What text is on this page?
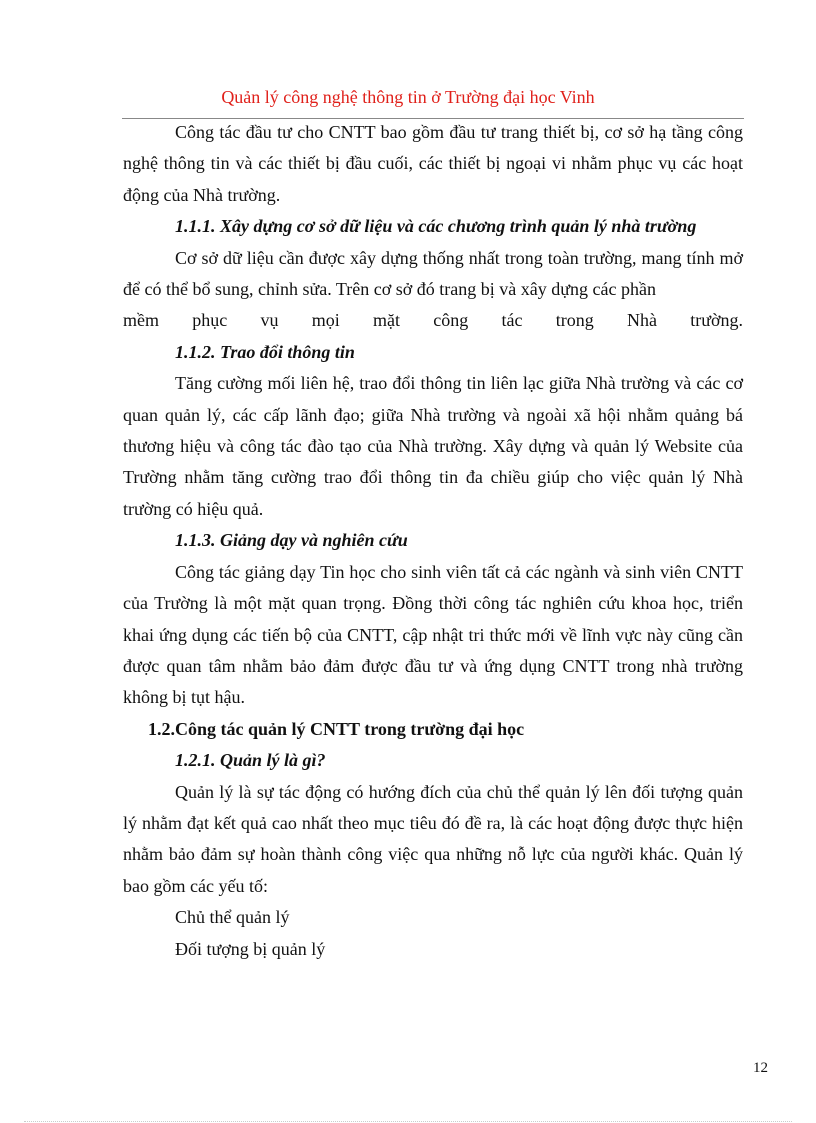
Quản lý công nghệ thông tin ở Trường đại học Vinh

Công tác đầu tư cho CNTT bao gồm đầu tư trang thiết bị, cơ sở hạ tầng công nghệ thông tin và các thiết bị đầu cuối, các thiết bị ngoại vi nhằm phục vụ các hoạt động của Nhà trường.

1.1.1. Xây dựng cơ sở dữ liệu và các chương trình quản lý nhà trường

Cơ sở dữ liệu cần được xây dựng thống nhất trong toàn trường, mang tính mở để có thể bổ sung, chỉnh sửa. Trên cơ sở đó trang bị và xây dựng các phần

mềm phục vụ mọi mặt công tác trong Nhà trường.

1.1.2. Trao đổi thông tin

Tăng cường mối liên hệ, trao đổi thông tin liên lạc giữa Nhà trường và các cơ quan quản lý, các cấp lãnh đạo; giữa Nhà trường và ngoài xã hội nhằm quảng bá thương hiệu và công tác đào tạo của Nhà trường. Xây dựng và quản lý Website của Trường nhằm tăng cường trao đổi thông tin đa chiều giúp cho việc quản lý Nhà trường có hiệu quả.

1.1.3. Giảng dạy và nghiên cứu

Công tác giảng dạy Tin học cho sinh viên tất cả các ngành và sinh viên CNTT của Trường là một mặt quan trọng. Đồng thời công tác nghiên cứu khoa học, triển khai ứng dụng các tiến bộ của CNTT, cập nhật tri thức mới về lĩnh vực này cũng cần được quan tâm nhằm bảo đảm được đầu tư và ứng dụng CNTT trong nhà trường không bị tụt hậu.

1.2.Công tác quản lý CNTT trong trường đại học

1.2.1. Quản lý là gì?

Quản lý là sự tác động có hướng đích của chủ thể quản lý lên đối tượng quản lý nhằm đạt kết quả cao nhất theo mục tiêu đó đề ra, là các hoạt động được thực hiện nhằm bảo đảm sự hoàn thành công việc qua những nỗ lực của người khác. Quản lý bao gồm các yếu tố:

Chủ thể quản lý

Đối tượng bị quản lý

12
